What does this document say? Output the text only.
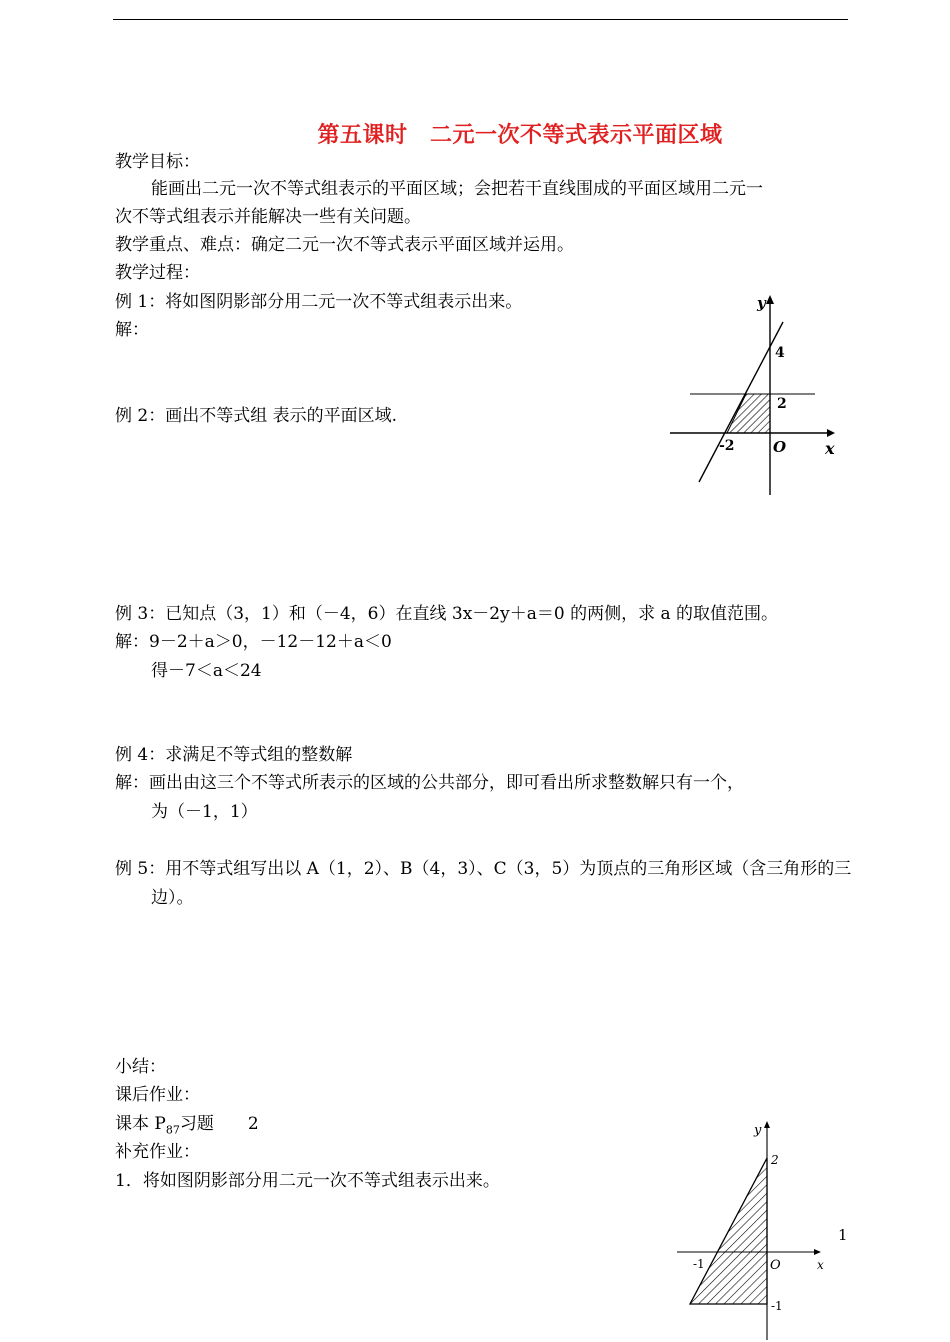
第五课时　二元一次不等式表示平面区域
教学目标：
能画出二元一次不等式组表示的平面区域；会把若干直线围成的平面区域用二元一
次不等式组表示并能解决一些有关问题。
教学重点、难点：确定二元一次不等式表示平面区域并运用。
教学过程：
例 1：将如图阴影部分用二元一次不等式组表示出来。
解：
例 2：画出不等式组 表示的平面区域.
y
4
2
-2	O x
例 3：已知点（3，1）和（－4，6）在直线 3x－2y＋a＝0 的两侧，求 a 的取值范围。
解：9－2＋a＞0，－12－12＋a＜0
得－7＜a＜24
例 4：求满足不等式组的整数解
解：画出由这三个不等式所表示的区域的公共部分，即可看出所求整数解只有一个，
为（－1，1）
例 5：用不等式组写出以 A（1，2）、B（4，3）、C（3，5）为顶点的三角形区域（含三角形的三
边）。
小结：
课后作业：
课本 $P_{87}$习题　　2
补充作业：
1．将如图阴影部分用二元一次不等式组表示出来。
y
2
-1	O	x
-1
1
